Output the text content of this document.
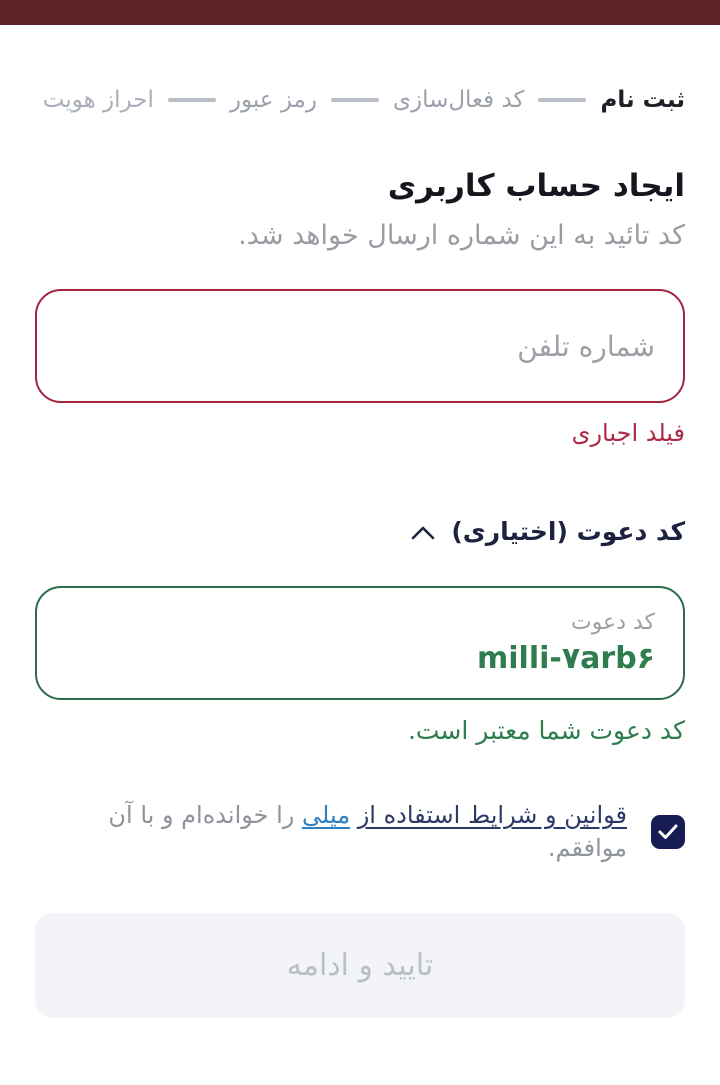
ثبت نام
کد فعال‌سازی
رمز عبور
احراز هویت
ایجاد حساب کاربری
کد تائید به این شماره ارسال خواهد شد.
شماره تلفن
فیلد اجباری
کد دعوت (اختیاری)
کد دعوت
milli-۷arb۶
کد دعوت شما معتبر است.
قوانین و شرایط استفاده از میلی را خوانده‌ام و با آن موافقم.
تایید و ادامه
